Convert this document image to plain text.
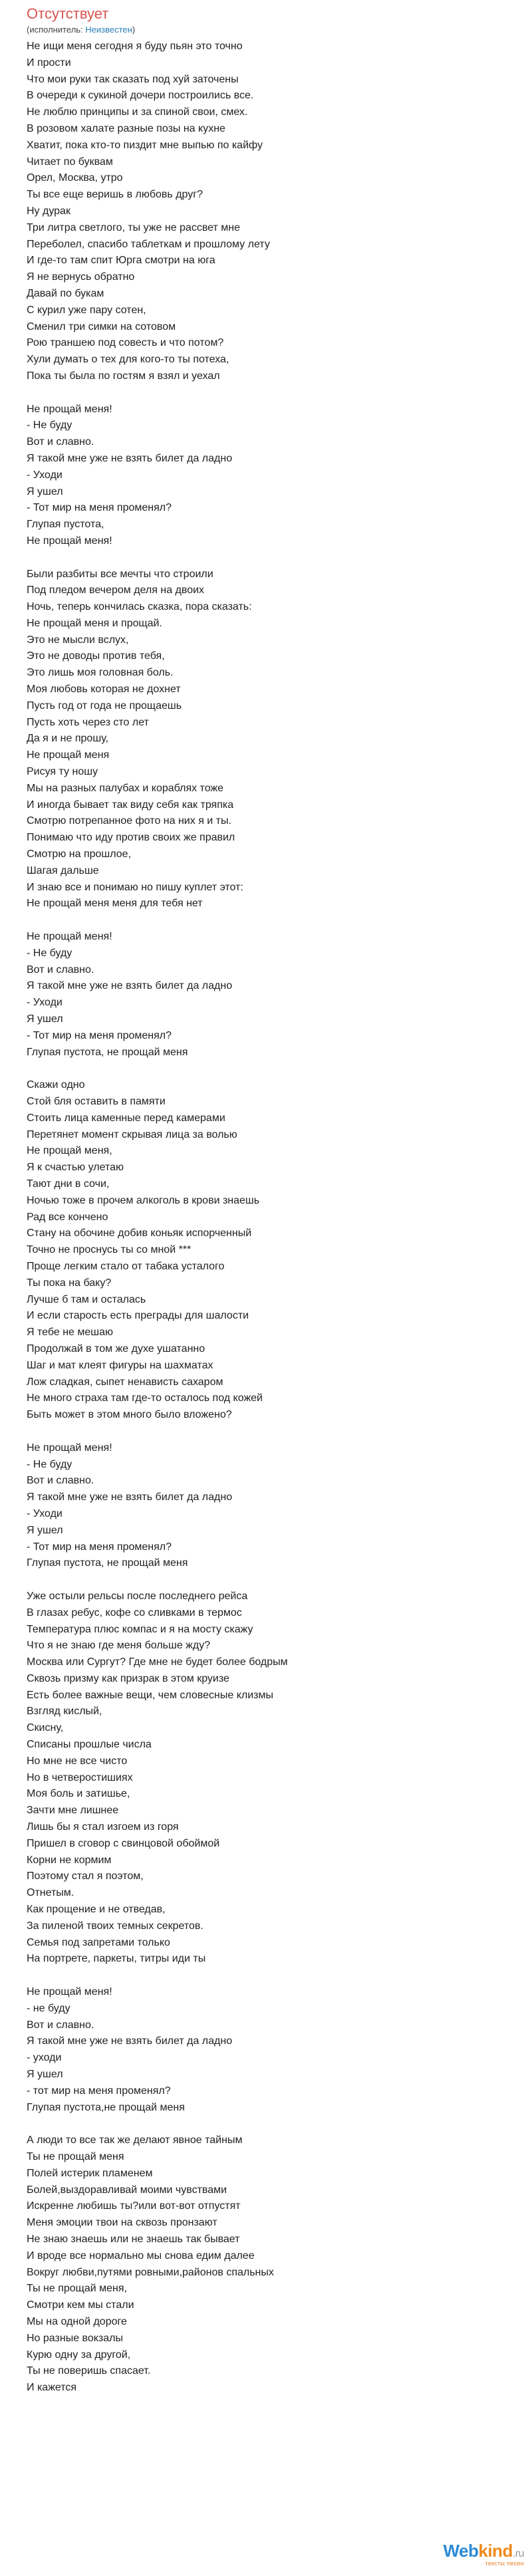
Отсутствует
(исполнитель: Неизвестен)
Не ищи меня сегодня я буду пьян это точно
И прости
Что мои руки так сказать под хуй заточены
В очереди к сукиной дочери построились все.
Не люблю принципы и за спиной свои, смех.
В розовом халате разные позы на кухне
Хватит, пока кто-то пиздит мне выпью по кайфу
Читает по буквам
Орел, Москва, утро
Ты все еще веришь в любовь друг?
Ну дурак
Три литра светлого, ты уже не рассвет мне
Переболел, спасибо таблеткам и прошлому лету
И где-то там спит Юрга смотри на юга
Я не вернусь обратно
Давай по букам
С курил уже пару сотен,
Сменил три симки на сотовом
Рою траншею под совесть и что потом?
Хули думать о тех для кого-то ты потеха,
Пока ты была по гостям я взял и уехал
Не прощай меня!
- Не буду
Вот и славно.
Я такой мне уже не взять билет да ладно
- Уходи
Я ушел
- Тот мир на меня променял?
Глупая пустота,
Не прощай меня!
Были разбиты все мечты что строили
Под пледом вечером деля на двоих
Ночь, теперь кончилась сказка, пора сказать:
Не прощай меня и прощай.
Это не мысли вслух,
Это не доводы против тебя,
Это лишь моя головная боль.
Моя любовь которая не дохнет
Пусть год от года не прощаешь
Пусть хоть через сто лет
Да я и не прошу,
Не прощай меня
Рисуя ту ношу
Мы на разных палубах и кораблях тоже
И иногда бывает так виду себя как тряпка
Смотрю потрепанное фото на них я и ты.
Понимаю что иду против своих же правил
Смотрю на прошлое,
Шагая дальше
И знаю все и понимаю но пишу куплет этот:
Не прощай меня меня для тебя нет
Не прощай меня!
- Не буду
Вот и славно.
Я такой мне уже не взять билет да ладно
- Уходи
Я ушел
- Тот мир на меня променял?
Глупая пустота, не прощай меня
Скажи одно
Стой бля оставить в памяти
Стоить лица каменные перед камерами
Перетянет момент скрывая лица за волью
Не прощай меня,
Я к счастью улетаю
Тают дни в сочи,
Ночью тоже в прочем алкоголь в крови знаешь
Рад все кончено
Стану на обочине добив коньяк испорченный
Точно не проснусь ты со мной ***
Проще легким стало от табака усталого
Ты пока на баку?
Лучше б там и осталась
И если старость есть преграды для шалости
Я тебе не мешаю
Продолжай в том же духе ушатанно
Шаг и мат клеят фигуры на шахматах
Лож сладкая, сыпет ненависть сахаром
Не много страха там где-то осталось под кожей
Быть может в этом много было вложено?
Не прощай меня!
- Не буду
Вот и славно.
Я такой мне уже не взять билет да ладно
- Уходи
Я ушел
- Тот мир на меня променял?
Глупая пустота, не прощай меня
Уже остыли рельсы после последнего рейса
В глазах ребус, кофе со сливками в термос
Температура плюс компас и я на мосту скажу
Что я не знаю где меня больше жду?
Москва или Сургут? Где мне не будет более бодрым
Сквозь призму как призрак в этом круизе
Есть более важные вещи, чем словесные клизмы
Взгляд кислый,
Скисну,
Списаны прошлые числа
Но мне не все чисто
Но в четверостишиях
Моя боль и затишье,
Зачти мне лишнее
Лишь бы я стал изгоем из горя
Пришел в сговор с свинцовой обоймой
Корни не кормим
Поэтому стал я поэтом,
Отнетым.
Как прощение и не отведав,
За пиленой твоих темных секретов.
Семья под запретами только
На портрете, паркеты, титры иди ты
Не прощай меня!
- не буду
Вот и славно.
Я такой мне уже не взять билет да ладно
- уходи
Я ушел
- тот мир на меня променял?
Глупая пустота,не прощай меня
А люди то все так же делают явное тайным
Ты не прощай меня
Полей истерик пламенем
Болей,выздоравливай моими чувствами
Искренне любишь ты?или вот-вот отпустят
Меня эмоции твои на сквозь пронзают
Не знаю знаешь или не знаешь так бывает
И вроде все нормально мы снова едим далее
Вокруг любви,путями ровными,районов спальных
Ты не прощай меня,
Смотри кем мы стали
Мы на одной дороге
Но разные вокзалы
Курю одну за другой,
Ты не поверишь спасает.
И кажется
Webkind.ru
тексты песен
